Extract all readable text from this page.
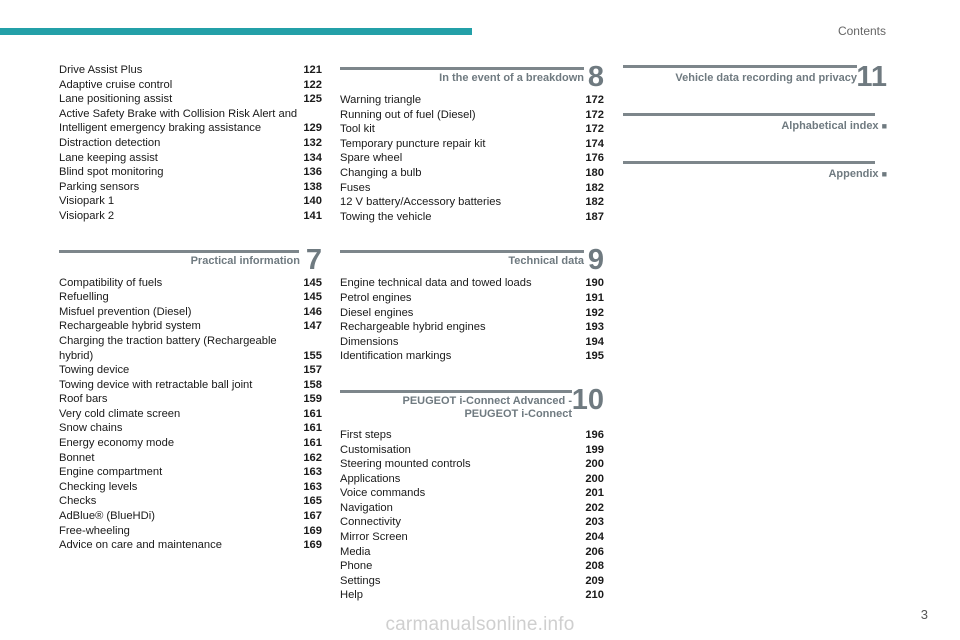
Contents
Drive Assist Plus	121
Adaptive cruise control	122
Lane positioning assist	125
Active Safety Brake with Collision Risk Alert and Intelligent emergency braking assistance	129
Distraction detection	132
Lane keeping assist	134
Blind spot monitoring	136
Parking sensors	138
Visiopark 1	140
Visiopark 2	141
Practical information 7
Compatibility of fuels	145
Refuelling	145
Misfuel prevention (Diesel)	146
Rechargeable hybrid system	147
Charging the traction battery (Rechargeable hybrid)	155
Towing device	157
Towing device with retractable ball joint	158
Roof bars	159
Very cold climate screen	161
Snow chains	161
Energy economy mode	161
Bonnet	162
Engine compartment	163
Checking levels	163
Checks	165
AdBlue® (BlueHDi)	167
Free-wheeling	169
Advice on care and maintenance	169
In the event of a breakdown 8
Warning triangle	172
Running out of fuel (Diesel)	172
Tool kit	172
Temporary puncture repair kit	174
Spare wheel	176
Changing a bulb	180
Fuses	182
12 V battery/Accessory batteries	182
Towing the vehicle	187
Technical data 9
Engine technical data and towed loads	190
Petrol engines	191
Diesel engines	192
Rechargeable hybrid engines	193
Dimensions	194
Identification markings	195
PEUGEOT i-Connect Advanced -
PEUGEOT i-Connect 10
First steps	196
Customisation	199
Steering mounted controls	200
Applications	200
Voice commands	201
Navigation	202
Connectivity	203
Mirror Screen	204
Media	206
Phone	208
Settings	209
Help	210
Vehicle data recording and privacy 11
Alphabetical index ■
Appendix ■
3
carmanualsonline.info
